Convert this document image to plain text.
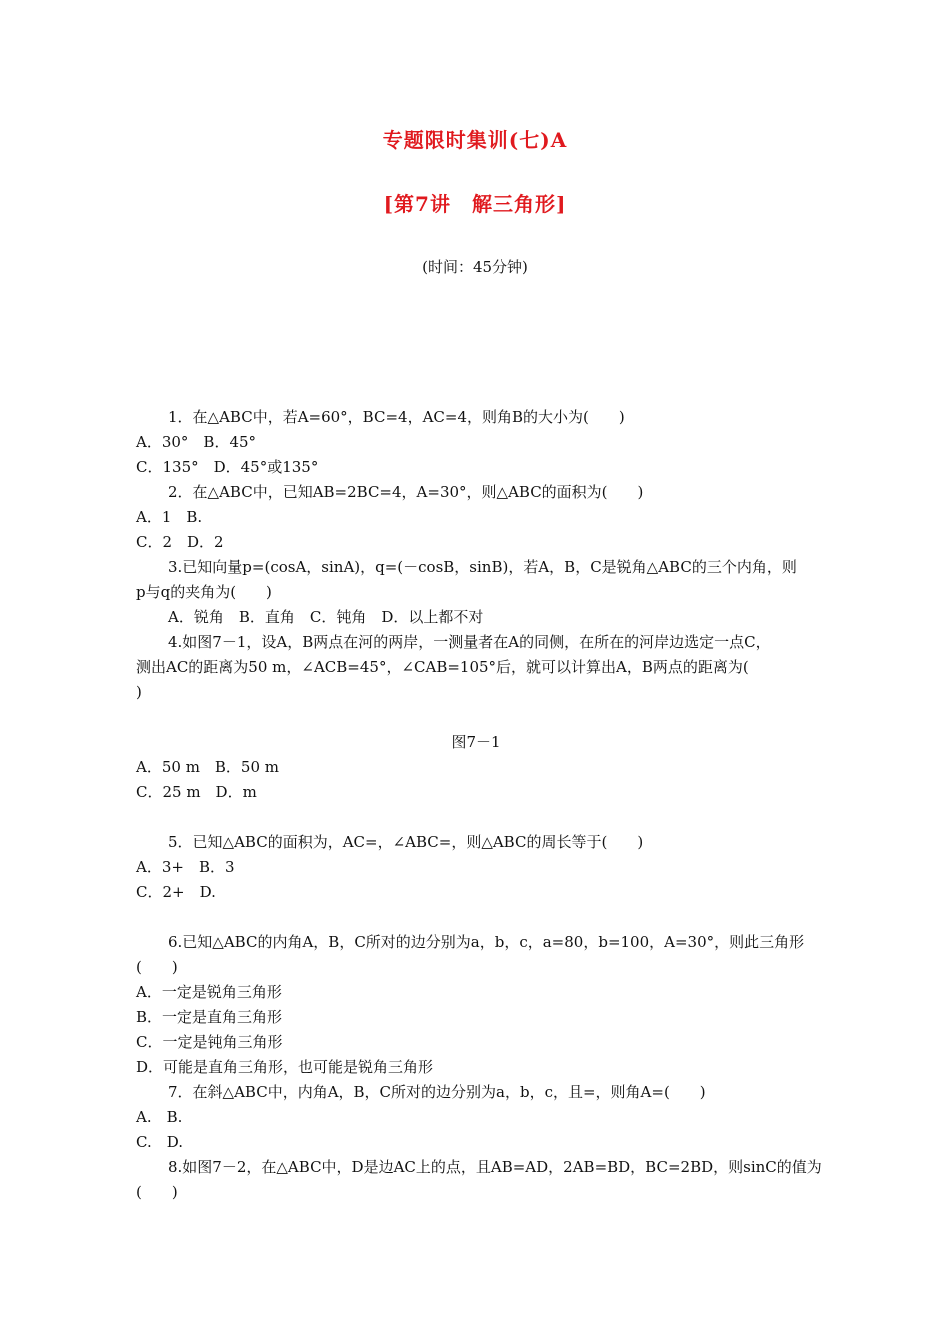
专题限时集训(七)A
[第7讲　解三角形]
(时间：45分钟)
1．在△ABC中，若A=60°，BC=4，AC=4，则角B的大小为(　　)
A．30°　B．45°
C．135°　D．45°或135°
2．在△ABC中，已知AB=2BC=4，A=30°，则△ABC的面积为(　　)
A．1　B.
C．2　D．2
3.已知向量p=(cosA，sinA)，q=(－cosB，sinB)，若A，B，C是锐角△ABC的三个内角，则
p与q的夹角为(　　)
A．锐角　B．直角　C．钝角　D．以上都不对
4.如图7－1，设A，B两点在河的两岸，一测量者在A的同侧，在所在的河岸边选定一点C，
测出AC的距离为50 m，∠ACB=45°，∠CAB=105°后，就可以计算出A，B两点的距离为(
)
图7－1
A．50 m　B．50 m
C．25 m　D．m
5．已知△ABC的面积为，AC=，∠ABC=，则△ABC的周长等于(　　)
A．3+　B．3
C．2+　D.
6.已知△ABC的内角A，B，C所对的边分别为a，b，c，a=80，b=100，A=30°，则此三角形
(　　)
A．一定是锐角三角形
B．一定是直角三角形
C．一定是钝角三角形
D．可能是直角三角形，也可能是锐角三角形
7．在斜△ABC中，内角A，B，C所对的边分别为a，b，c，且=，则角A=(　　)
A.　B.
C.　D.
8.如图7－2，在△ABC中，D是边AC上的点，且AB=AD，2AB=BD，BC=2BD，则sinC的值为
(　　)
